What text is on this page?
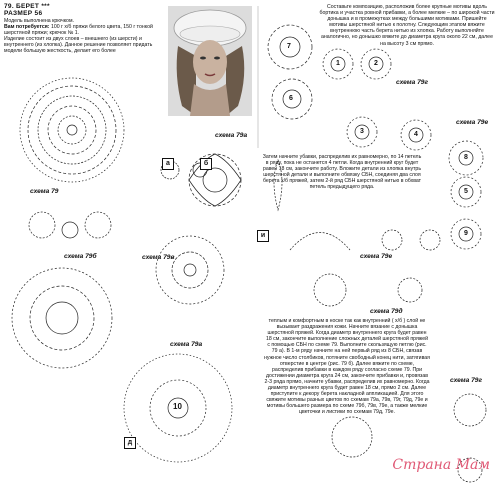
79. БЕРЕТ ***
РАЗМЕР 56
Модель выполнена крючком.
Вам потребуется: 100 г х/б пряжи белого цвета, 150 г тонкой шерстяной пряжи; крючок № 1.
Изделие состоит из двух слоев – внешнего (из шерсти) и внутреннего (из хлопка). Данное решение позволяет придать модели большую жесткость, делает его более
Составьте композицию, расположив более крупные мотивы вдоль бортика и участка ровной прибавки, а более мелкие – по широкой части донышка и в промежутках между большими мотивами. Пришейте мотивы шерстяной нитью к полотну. Следующим этапом вяжите внутреннюю часть берета нитью из хлопка. Работу выполняйте аналогично, но донышко вяжите до диаметра круга около 22 см, далее на высоту 3 см прямо.
Затем начните убавки, распределив их равномерно, по 14 петель в ряду, пока не останется 4 петли. Когда внутренний круг будет равен 18 см, закончите работу. Вложите детали из хлопка внутрь шерстяной детали и выполните обвязку СБН, соединяя два слоя берета х/б пряжей, затем 2-й ряд СБН шерстяной нитью в обхват петель предыдущего ряда.
теплым и комфортным в носке так как внутренний ( х/б ) слой не вызывает раздражения кожи. Начните вязание с донышка шерстяной пряжей. Когда диаметр внутреннего круга будет равен 18 см, закончите выполнение сложных деталей шерстяной пряжей с помощью СБН по схеме 79. Выполните скользящую петлю (рис. 79 а). В 1-м ряду начните на ней первый ряд из 8 СБН, связав нужное число столбиков, потяните свободный конец нити, затягивая отверстие в центре (рис. 79 б). Далее вяжите по схеме, распределив прибавки в каждом ряду согласно схеме 79. При достижении диаметра круга 24 см, закончите прибавки и, провязав 2-3 ряда прямо, начните убавки, распределив их равномерно. Когда диаметр внутреннего круга будет равен 18 см, прямо 2 см. Далее приступите к декору берета накладной аппликацией. Для этого свяжите мотивы разных цветов по схемам 79а, 79в, 79г, 79д, 79е и мотивы большего размера по схеме 79б, 79в, 79е, а также мелкие цветочки и листики по схемам 79д, 79е.
7
6
1	2
3	4
8
5
9
10
схема 79
схема 79а
схема 79б	схема 79в
схема 79а
схема 79г
схема 79е
схема 79е
схема 79д
схема 79г
а	б
и
д
Страна Мам
